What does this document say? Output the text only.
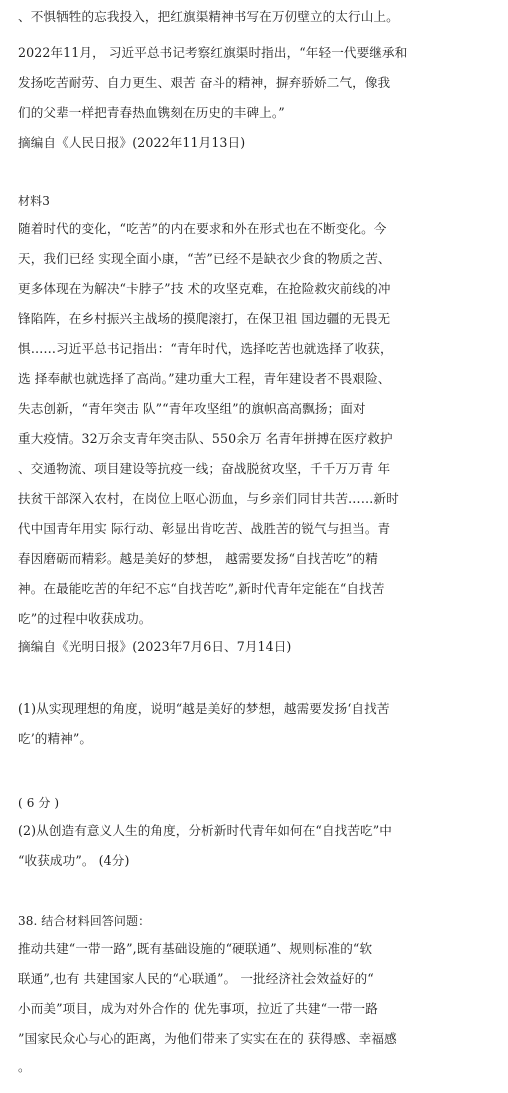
、不惧牺牲的忘我投入，把红旗渠精神书写在万仞壁立的太行山上。
2022年11月， 习近平总书记考察红旗渠时指出，“年轻一代要继承和
发扬吃苦耐劳、自力更生、艰苦 奋斗的精神，摒弃骄娇二气，像我
们的父辈一样把青春热血镌刻在历史的丰碑上。”
摘编自《人民日报》(2022年11月13日)
材料3
随着时代的变化，“吃苦”的内在要求和外在形式也在不断变化。今
天，我们已经 实现全面小康，“苦”已经不是缺衣少食的物质之苦、
更多体现在为解决“卡脖子”技 术的攻坚克难，在抢险救灾前线的冲
锋陷阵，在乡村振兴主战场的摸爬滚打，在保卫祖 国边疆的无畏无
惧……习近平总书记指出：“青年时代，选择吃苦也就选择了收获，
选 择奉献也就选择了高尚。”建功重大工程，青年建设者不畏艰险、
失志创新，“青年突击 队”“青年攻坚组”的旗帜高高飘扬；面对
重大疫情。32万余支青年突击队、550余万 名青年拼搏在医疗救护
、交通物流、项目建设等抗疫一线；奋战脱贫攻坚，千千万万青 年
扶贫干部深入农村，在岗位上呕心沥血，与乡亲们同甘共苦……新时
代中国青年用实 际行动、彰显出肯吃苦、战胜苦的锐气与担当。青
春因磨砺而精彩。越是美好的梦想， 越需要发扬“自找苦吃”的精
神。在最能吃苦的年纪不忘“自找苦吃”,新时代青年定能在“自找苦
吃”的过程中收获成功。
摘编自《光明日报》(2023年7月6日、7月14日)
(1)从实现理想的角度，说明“越是美好的梦想，越需要发扬‘自找苦
吃’的精神”。
( 6 分 )
(2)从创造有意义人生的角度，分析新时代青年如何在“自找苦吃”中
“收获成功”。 (4分)
38. 结合材料回答问题：
推动共建“一带一路”,既有基础设施的“硬联通”、规则标准的“软
联通”,也有 共建国家人民的“心联通”。 一批经济社会效益好的“
小而美”项目，成为对外合作的 优先事项，拉近了共建“一带一路
”国家民众心与心的距离，为他们带来了实实在在的 获得感、幸福感
。
